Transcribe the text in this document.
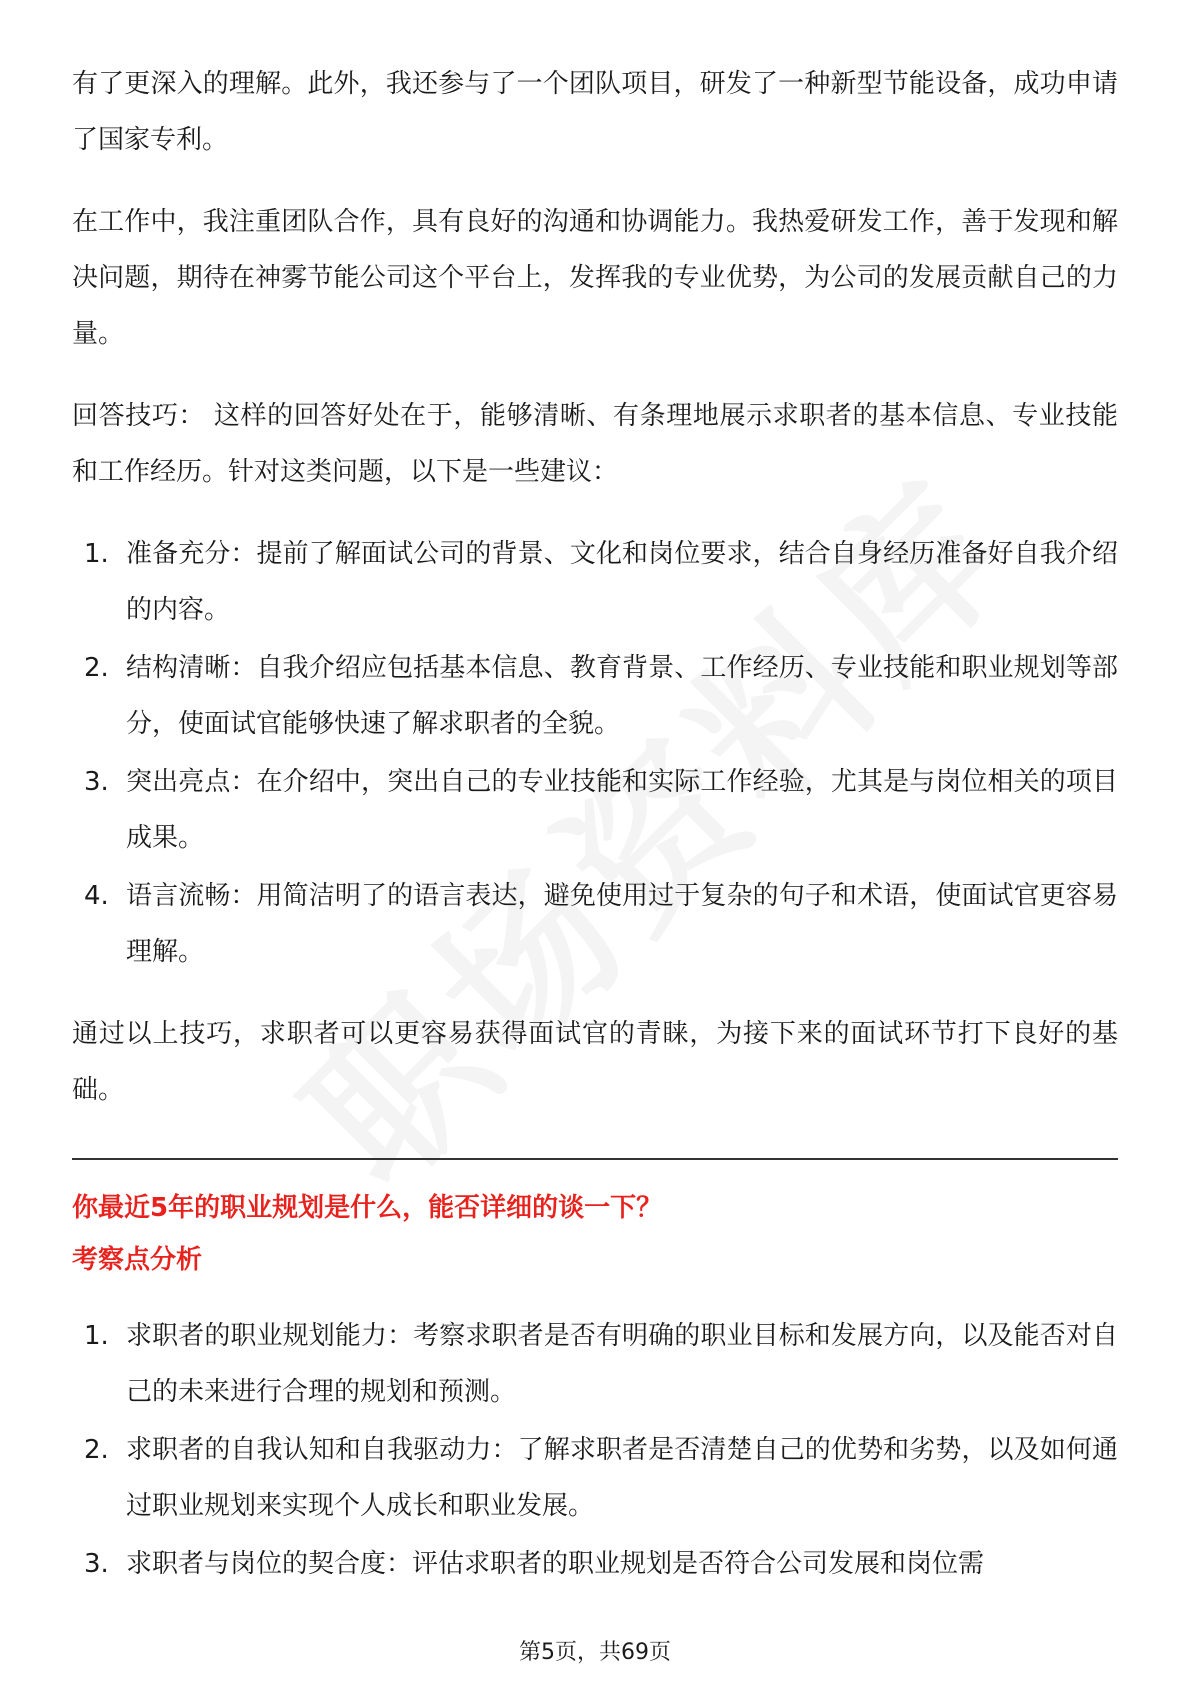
有了更深入的理解。此外，我还参与了一个团队项目，研发了一种新型节能设备，成功申请了国家专利。

在工作中，我注重团队合作，具有良好的沟通和协调能力。我热爱研发工作，善于发现和解决问题，期待在神雾节能公司这个平台上，发挥我的专业优势，为公司的发展贡献自己的力量。

回答技巧： 这样的回答好处在于，能够清晰、有条理地展示求职者的基本信息、专业技能和工作经历。针对这类问题，以下是一些建议：

1. 准备充分：提前了解面试公司的背景、文化和岗位要求，结合自身经历准备好自我介绍的内容。
2. 结构清晰：自我介绍应包括基本信息、教育背景、工作经历、专业技能和职业规划等部分，使面试官能够快速了解求职者的全貌。
3. 突出亮点：在介绍中，突出自己的专业技能和实际工作经验，尤其是与岗位相关的项目成果。
4. 语言流畅：用简洁明了的语言表达，避免使用过于复杂的句子和术语，使面试官更容易理解。

通过以上技巧，求职者可以更容易获得面试官的青睐，为接下来的面试环节打下良好的基础。

你最近5年的职业规划是什么，能否详细的谈一下？

考察点分析

1. 求职者的职业规划能力：考察求职者是否有明确的职业目标和发展方向，以及能否对自己的未来进行合理的规划和预测。
2. 求职者的自我认知和自我驱动力：了解求职者是否清楚自己的优势和劣势，以及如何通过职业规划来实现个人成长和职业发展。
3. 求职者与岗位的契合度：评估求职者的职业规划是否符合公司发展和岗位需
第5页，共69页
